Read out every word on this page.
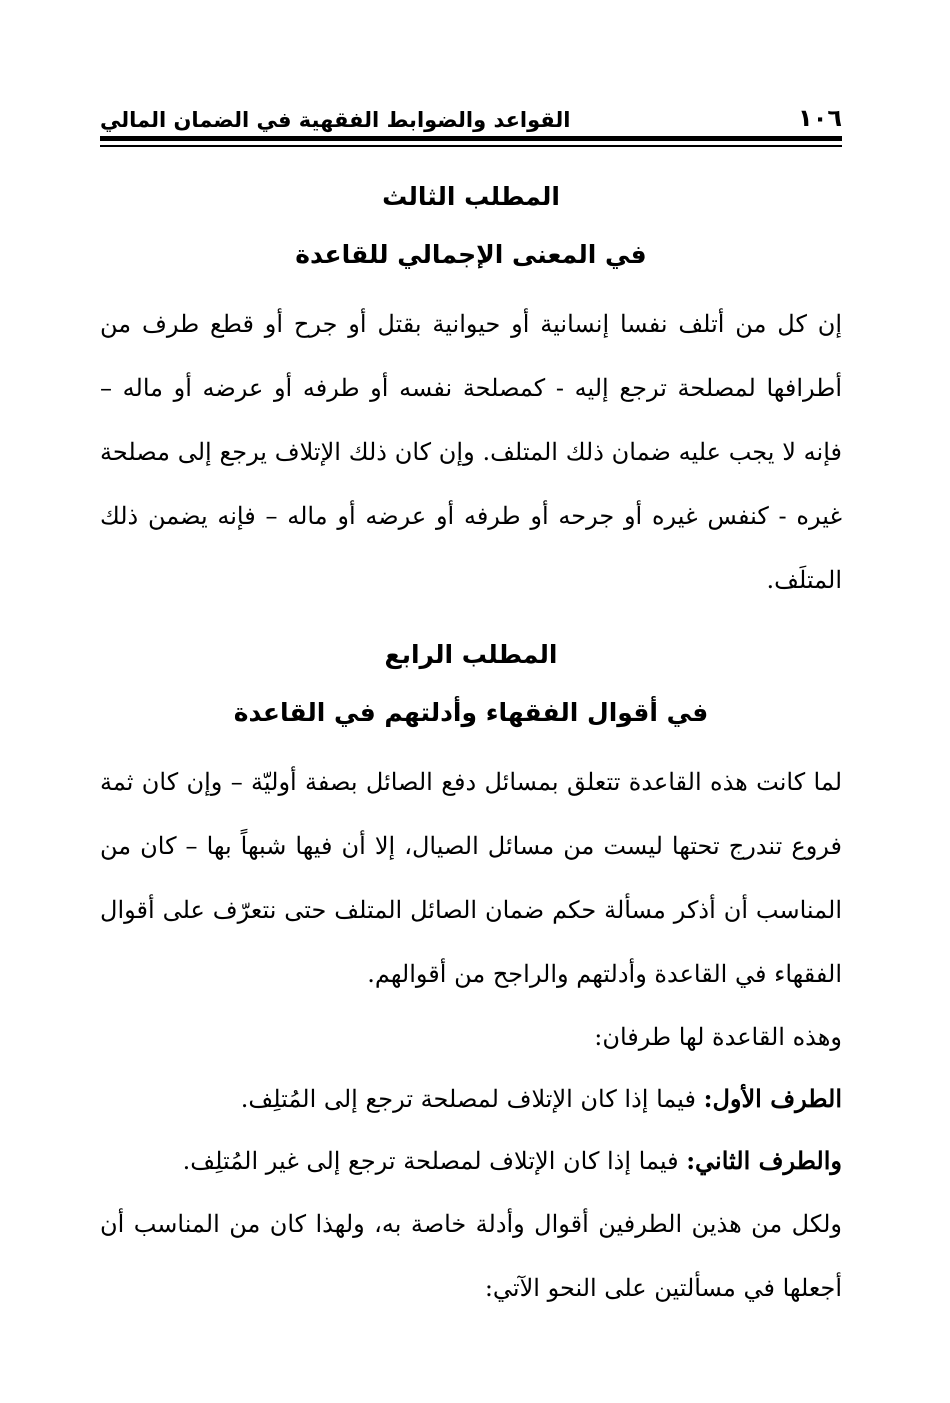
١٠٦
القواعد والضوابط الفقهية في الضمان المالي
المطلب الثالث
في المعنى الإجمالي للقاعدة

إن كل من أتلف نفسا إنسانية أو حيوانية بقتل أو جرح أو قطع طرف من أطرافها لمصلحة ترجع إليه - كمصلحة نفسه أو طرفه أو عرضه أو ماله – فإنه لا يجب عليه ضمان ذلك المتلف. وإن كان ذلك الإتلاف يرجع إلى مصلحة غيره - كنفس غيره أو جرحه أو طرفه أو عرضه أو ماله – فإنه يضمن ذلك المتلَف.

المطلب الرابع
في أقوال الفقهاء وأدلتهم في القاعدة

لما كانت هذه القاعدة تتعلق بمسائل دفع الصائل بصفة أوليّة – وإن كان ثمة فروع تندرج تحتها ليست من مسائل الصيال، إلا أن فيها شبهاً بها – كان من المناسب أن أذكر مسألة حكم ضمان الصائل المتلف حتى نتعرّف على أقوال الفقهاء في القاعدة وأدلتهم والراجح من أقوالهم.

وهذه القاعدة لها طرفان:

الطرف الأول: فيما إذا كان الإتلاف لمصلحة ترجع إلى المُتلِف.

والطرف الثاني: فيما إذا كان الإتلاف لمصلحة ترجع إلى غير المُتلِف.

ولكل من هذين الطرفين أقوال وأدلة خاصة به، ولهذا كان من المناسب أن أجعلها في مسألتين على النحو الآتي:
